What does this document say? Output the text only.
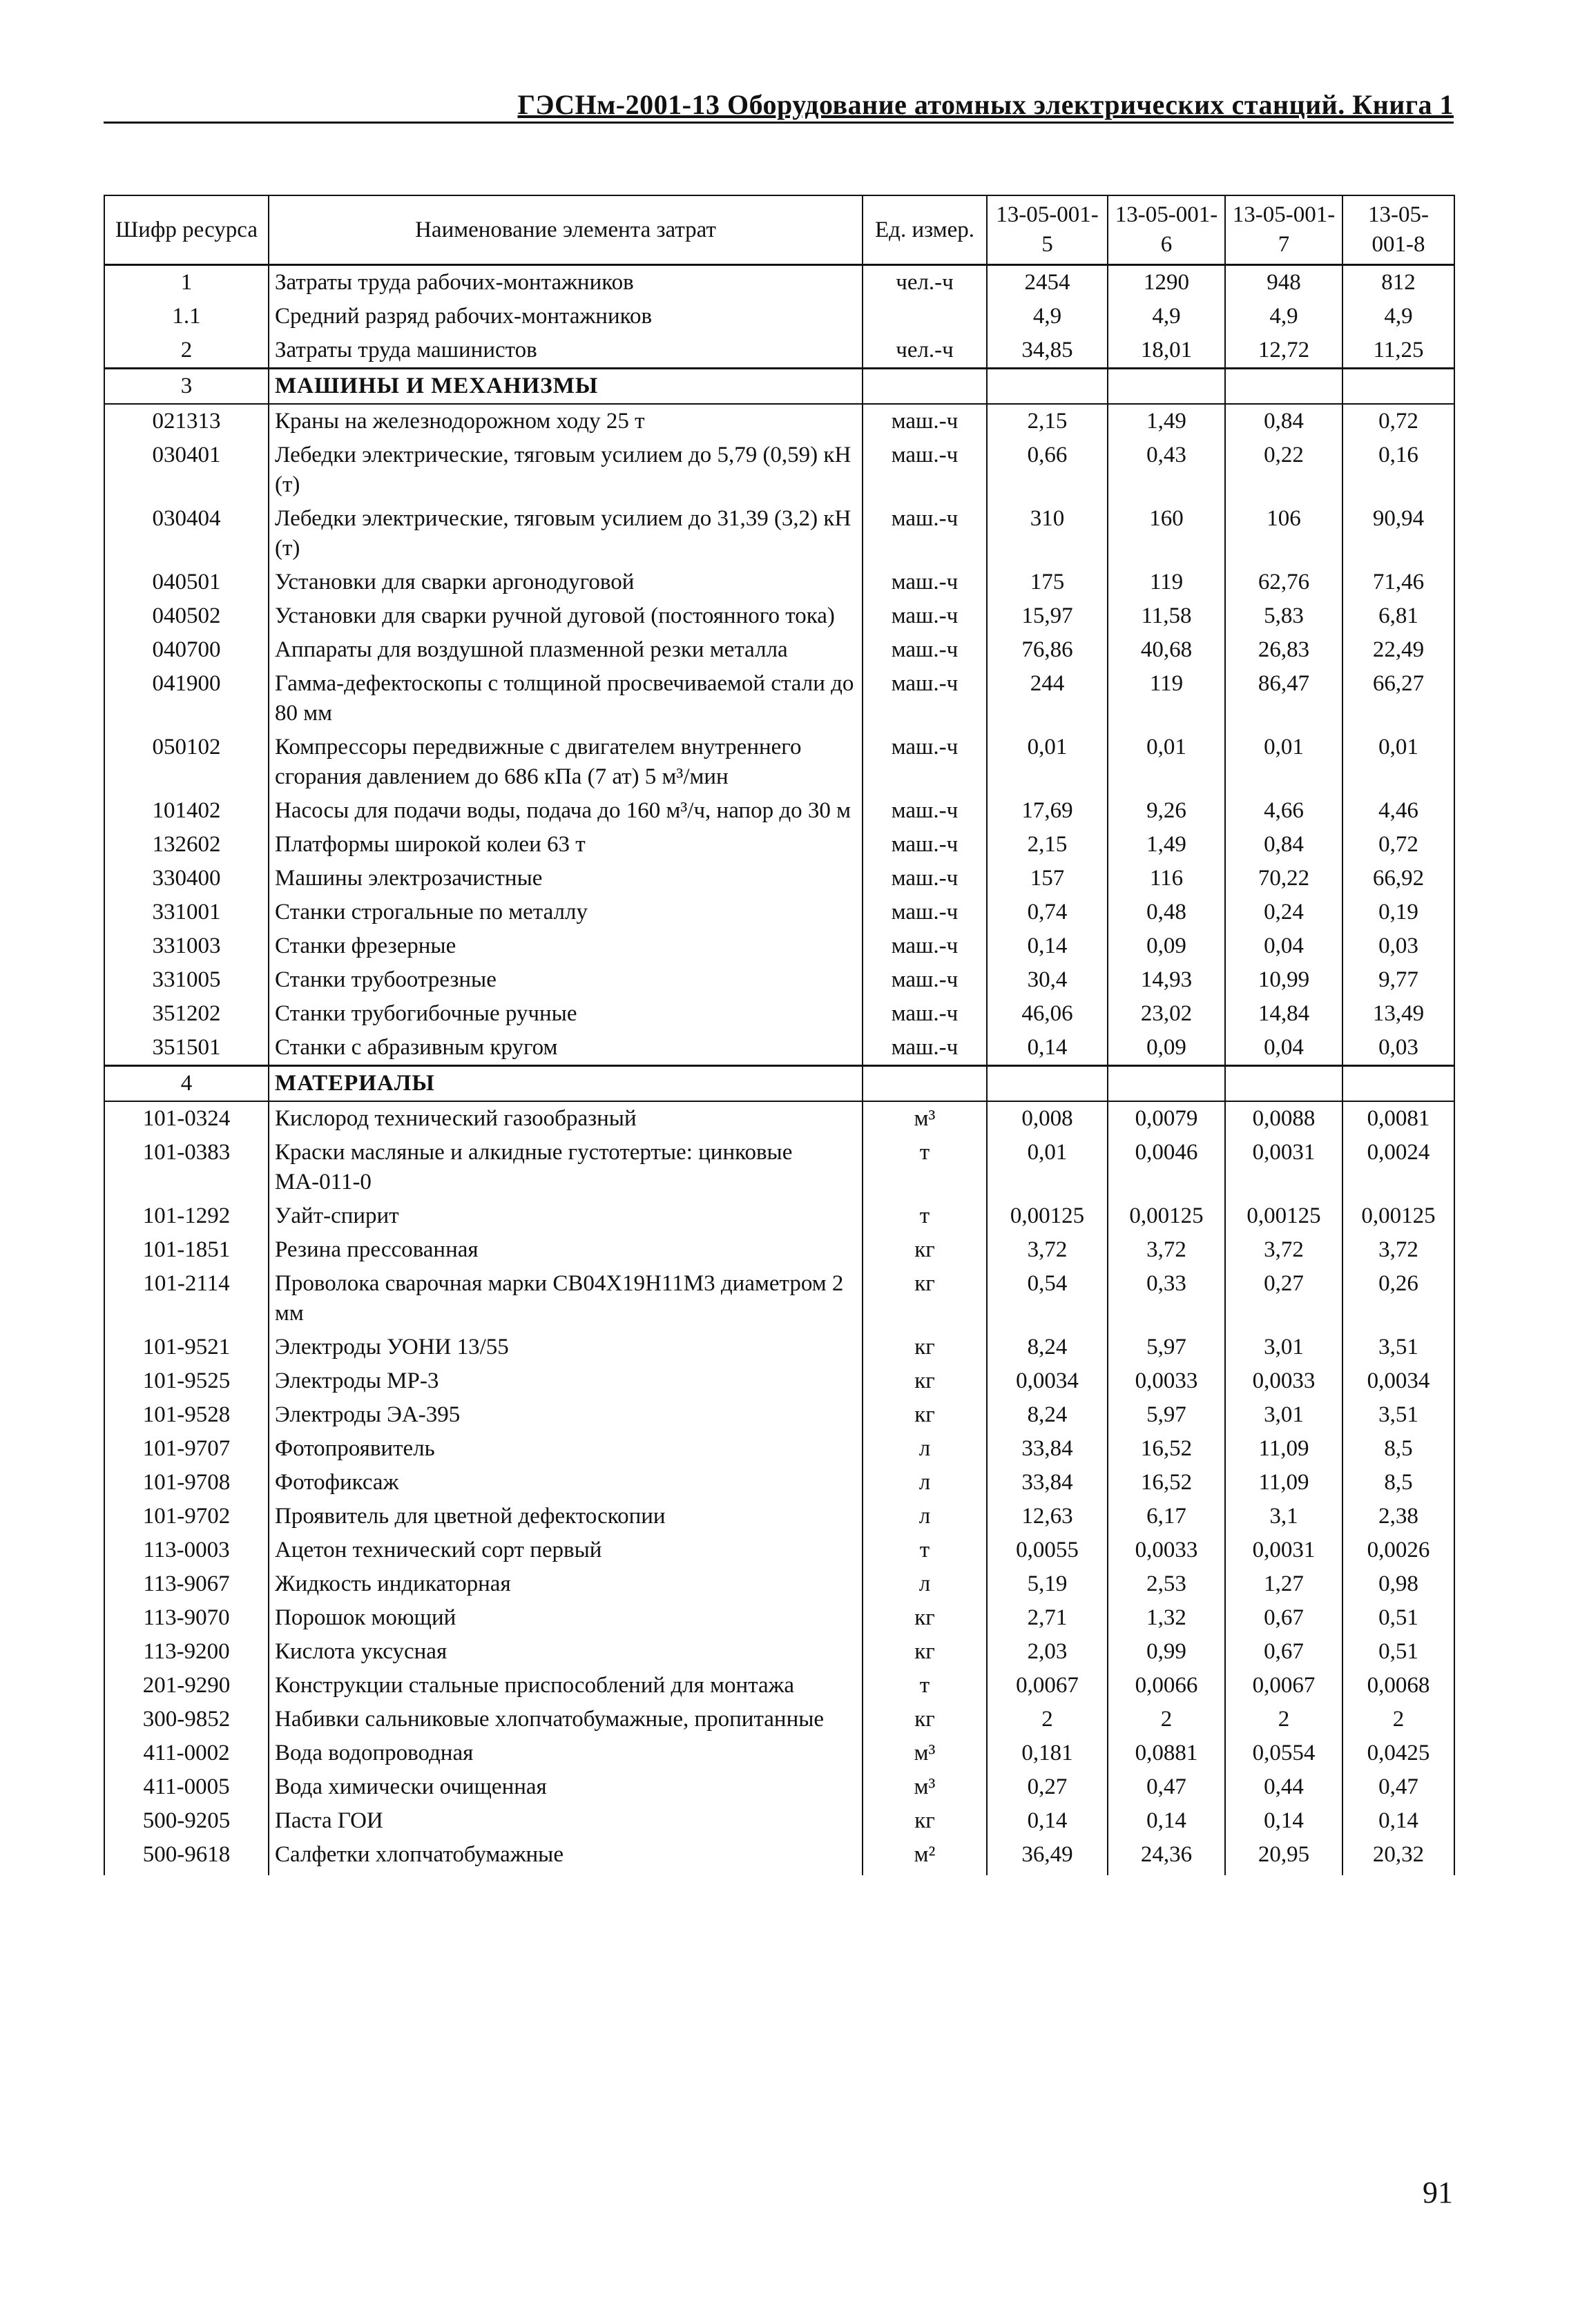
ГЭСНм-2001-13 Оборудование атомных электрических станций. Книга 1
Шифр ресурса	Наименование элемента затрат	Ед. измер.	13-05-001-5	13-05-001-6	13-05-001-7	13-05-001-8
1	Затраты труда рабочих-монтажников	чел.-ч	2454	1290	948	812
1.1	Средний разряд рабочих-монтажников		4,9	4,9	4,9	4,9
2	Затраты труда машинистов	чел.-ч	34,85	18,01	12,72	11,25
3	МАШИНЫ И МЕХАНИЗМЫ					
021313	Краны на железнодорожном ходу 25 т	маш.-ч	2,15	1,49	0,84	0,72
030401	Лебедки электрические, тяговым усилием до 5,79 (0,59) кН (т)	маш.-ч	0,66	0,43	0,22	0,16
030404	Лебедки электрические, тяговым усилием до 31,39 (3,2) кН (т)	маш.-ч	310	160	106	90,94
040501	Установки для сварки аргонодуговой	маш.-ч	175	119	62,76	71,46
040502	Установки для сварки ручной дуговой (постоянного тока)	маш.-ч	15,97	11,58	5,83	6,81
040700	Аппараты для воздушной плазменной резки металла	маш.-ч	76,86	40,68	26,83	22,49
041900	Гамма-дефектоскопы с толщиной просвечиваемой стали до 80 мм	маш.-ч	244	119	86,47	66,27
050102	Компрессоры передвижные с двигателем внутреннего сгорания давлением до 686 кПа (7 ат) 5 м³/мин	маш.-ч	0,01	0,01	0,01	0,01
101402	Насосы для подачи воды, подача до 160 м³/ч, напор до 30 м	маш.-ч	17,69	9,26	4,66	4,46
132602	Платформы широкой колеи 63 т	маш.-ч	2,15	1,49	0,84	0,72
330400	Машины электрозачистные	маш.-ч	157	116	70,22	66,92
331001	Станки строгальные по металлу	маш.-ч	0,74	0,48	0,24	0,19
331003	Станки фрезерные	маш.-ч	0,14	0,09	0,04	0,03
331005	Станки трубоотрезные	маш.-ч	30,4	14,93	10,99	9,77
351202	Станки трубогибочные ручные	маш.-ч	46,06	23,02	14,84	13,49
351501	Станки с абразивным кругом	маш.-ч	0,14	0,09	0,04	0,03
4	МАТЕРИАЛЫ					
101-0324	Кислород технический газообразный	м³	0,008	0,0079	0,0088	0,0081
101-0383	Краски масляные и алкидные густотертые: цинковые МА-011-0	т	0,01	0,0046	0,0031	0,0024
101-1292	Уайт-спирит	т	0,00125	0,00125	0,00125	0,00125
101-1851	Резина прессованная	кг	3,72	3,72	3,72	3,72
101-2114	Проволока сварочная марки СВ04Х19Н11М3 диаметром 2 мм	кг	0,54	0,33	0,27	0,26
101-9521	Электроды УОНИ 13/55	кг	8,24	5,97	3,01	3,51
101-9525	Электроды МР-3	кг	0,0034	0,0033	0,0033	0,0034
101-9528	Электроды ЭА-395	кг	8,24	5,97	3,01	3,51
101-9707	Фотопроявитель	л	33,84	16,52	11,09	8,5
101-9708	Фотофиксаж	л	33,84	16,52	11,09	8,5
101-9702	Проявитель для цветной дефектоскопии	л	12,63	6,17	3,1	2,38
113-0003	Ацетон технический сорт первый	т	0,0055	0,0033	0,0031	0,0026
113-9067	Жидкость индикаторная	л	5,19	2,53	1,27	0,98
113-9070	Порошок моющий	кг	2,71	1,32	0,67	0,51
113-9200	Кислота уксусная	кг	2,03	0,99	0,67	0,51
201-9290	Конструкции стальные приспособлений для монтажа	т	0,0067	0,0066	0,0067	0,0068
300-9852	Набивки сальниковые хлопчатобумажные, пропитанные	кг	2	2	2	2
411-0002	Вода водопроводная	м³	0,181	0,0881	0,0554	0,0425
411-0005	Вода химически очищенная	м³	0,27	0,47	0,44	0,47
500-9205	Паста ГОИ	кг	0,14	0,14	0,14	0,14
500-9618	Салфетки хлопчатобумажные	м²	36,49	24,36	20,95	20,32
91
